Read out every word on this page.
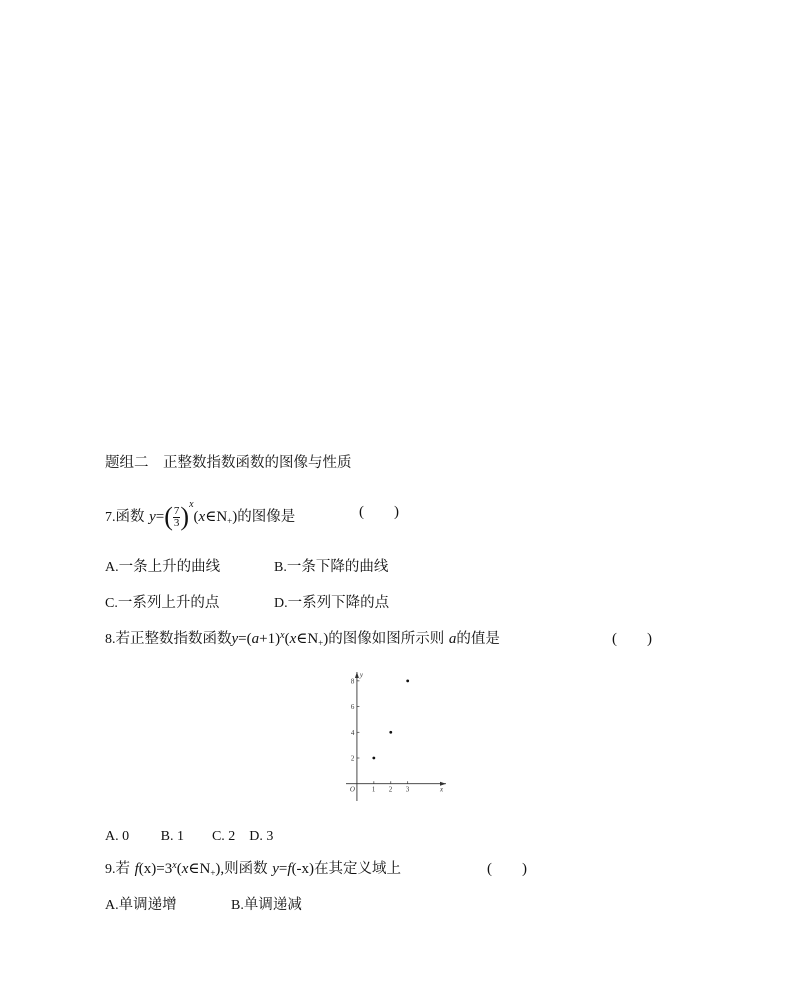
题组二　正整数指数函数的图像与性质
7.函数 $y=( \frac{7}{3}$ )$^x(x\in N_+)$的图像是	(　　)
A.一条上升的曲线	B.一条下降的曲线
C.一系列上升的点	D.一系列下降的点
8.若正整数指数函数$y=(a+1)^x(x\in N_+)$的图像如图所示则 a的值是	(　　)
x
y
O 1 2 3
2
4
6
8
A. 0　　 B. 1　　C. 2　D. 3
9.若 $f(x)=3^x(x\in N_+)$,则函数 y=f(-x)在其定义域上	(　　)
A.单调递增	B.单调递减
